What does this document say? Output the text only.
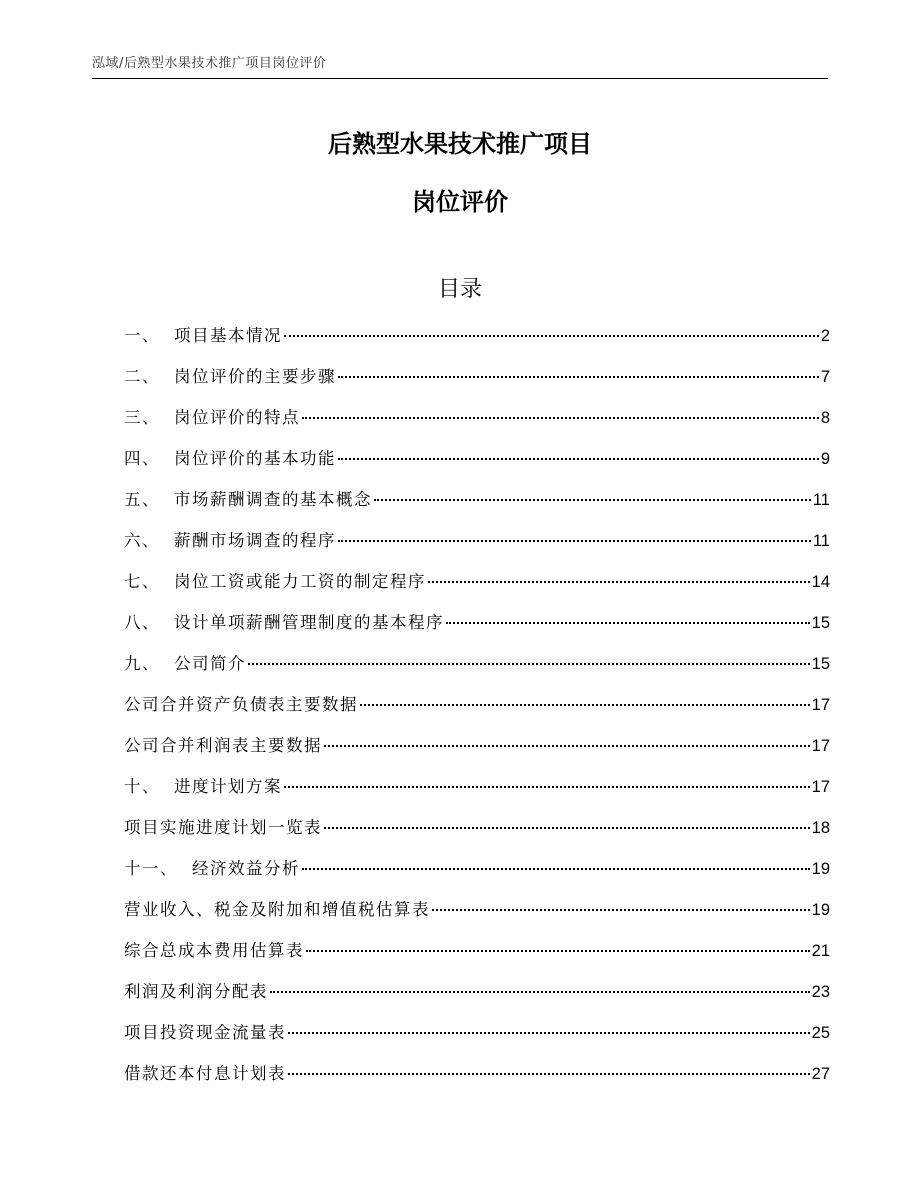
泓域/后熟型水果技术推广项目岗位评价
后熟型水果技术推广项目
岗位评价
目录
一、 项目基本情况	2
二、 岗位评价的主要步骤	7
三、 岗位评价的特点	8
四、 岗位评价的基本功能	9
五、 市场薪酬调查的基本概念	11
六、 薪酬市场调查的程序	11
七、 岗位工资或能力工资的制定程序	14
八、 设计单项薪酬管理制度的基本程序	15
九、 公司简介	15
公司合并资产负债表主要数据	17
公司合并利润表主要数据	17
十、 进度计划方案	17
项目实施进度计划一览表	18
十一、 经济效益分析	19
营业收入、税金及附加和增值税估算表	19
综合总成本费用估算表	21
利润及利润分配表	23
项目投资现金流量表	25
借款还本付息计划表	27
